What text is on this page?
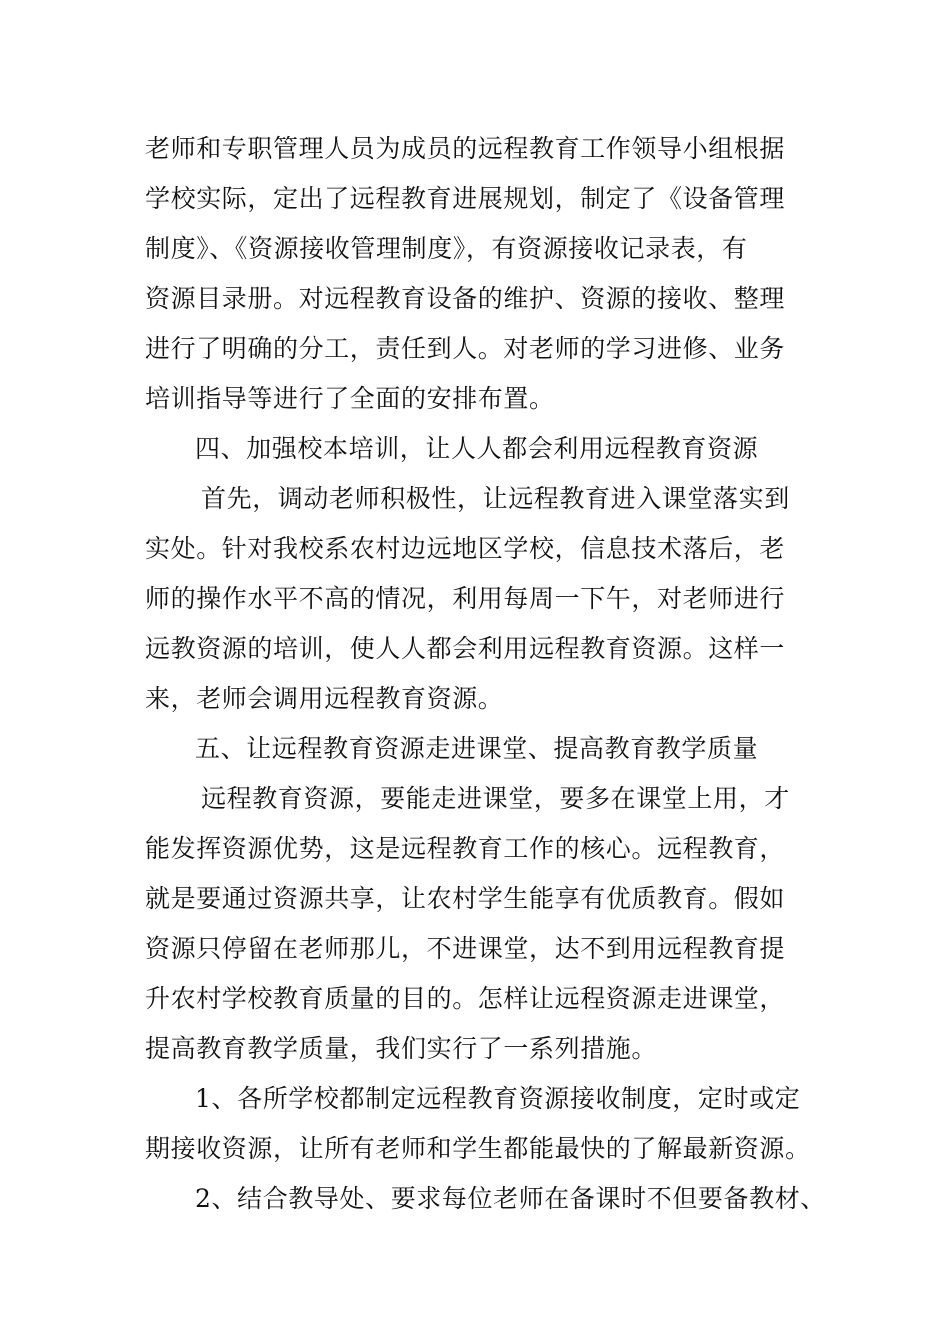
老师和专职管理人员为成员的远程教育工作领导小组根据
学校实际，定出了远程教育进展规划，制定了《设备管理
制度》、《资源接收管理制度》，有资源接收记录表，有
资源目录册。对远程教育设备的维护、资源的接收、整理
进行了明确的分工，责任到人。对老师的学习进修、业务
培训指导等进行了全面的安排布置。
四、加强校本培训，让人人都会利用远程教育资源
首先，调动老师积极性，让远程教育进入课堂落实到
实处。针对我校系农村边远地区学校，信息技术落后，老
师的操作水平不高的情况，利用每周一下午，对老师进行
远教资源的培训，使人人都会利用远程教育资源。这样一
来，老师会调用远程教育资源。
五、让远程教育资源走进课堂、提高教育教学质量
远程教育资源，要能走进课堂，要多在课堂上用，才
能发挥资源优势，这是远程教育工作的核心。远程教育，
就是要通过资源共享，让农村学生能享有优质教育。假如
资源只停留在老师那儿，不进课堂，达不到用远程教育提
升农村学校教育质量的目的。怎样让远程资源走进课堂，
提高教育教学质量，我们实行了一系列措施。
1、各所学校都制定远程教育资源接收制度，定时或定
期接收资源，让所有老师和学生都能最快的了解最新资源。
2、结合教导处、要求每位老师在备课时不但要备教材、
